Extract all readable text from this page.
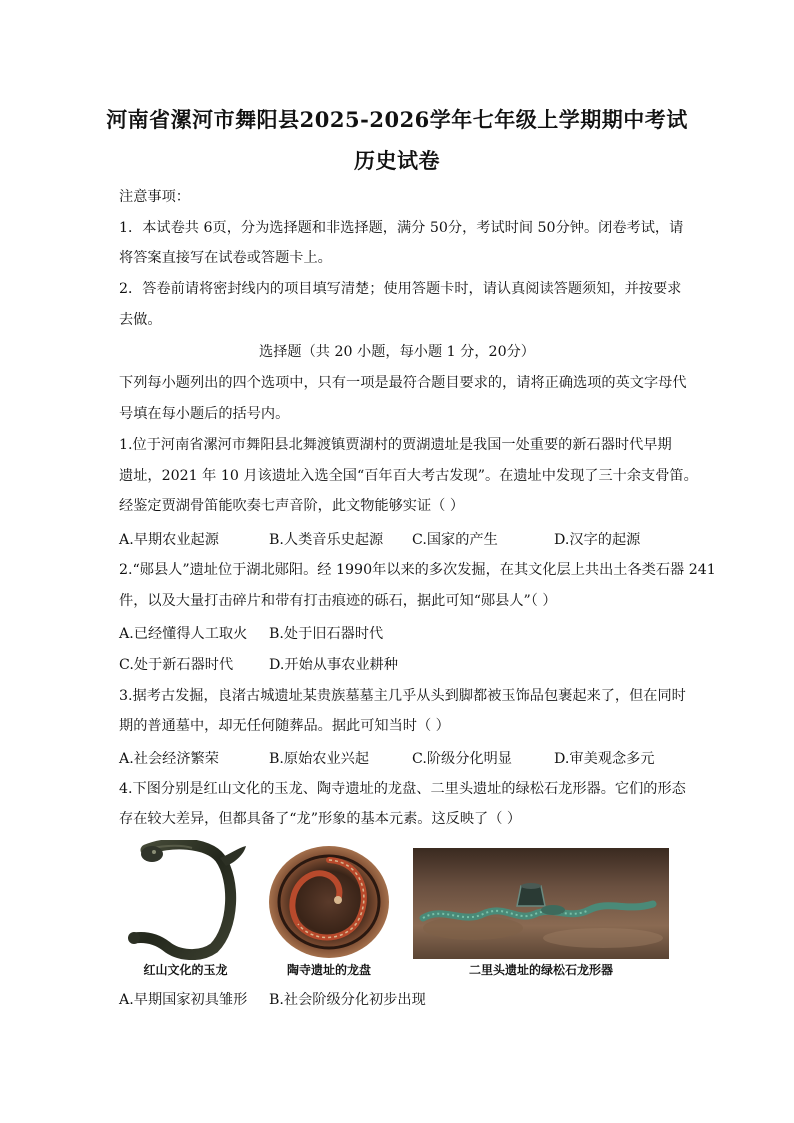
河南省漯河市舞阳县2025-2026学年七年级上学期期中考试
历史试卷
注意事项：
1．本试卷共 6页，分为选择题和非选择题，满分 50分，考试时间 50分钟。闭卷考试，请
将答案直接写在试卷或答题卡上。
2．答卷前请将密封线内的项目填写清楚；使用答题卡时，请认真阅读答题须知，并按要求
去做。
选择题（共 20 小题，每小题 1 分，20分）
下列每小题列出的四个选项中，只有一项是最符合题目要求的，请将正确选项的英文字母代
号填在每小题后的括号内。
1.位于河南省漯河市舞阳县北舞渡镇贾湖村的贾湖遗址是我国一处重要的新石器时代早期
遗址，2021 年 10 月该遗址入选全国“百年百大考古发现”。在遗址中发现了三十余支骨笛。
经鉴定贾湖骨笛能吹奏七声音阶，此文物能够实证（ ）
A.早期农业起源	B.人类音乐史起源 C.国家的产生	D.汉字的起源
2.“郧县人”遗址位于湖北郧阳。经 1990年以来的多次发掘，在其文化层上共出土各类石器 241
件，以及大量打击碎片和带有打击痕迹的砾石，据此可知“郧县人”（ ）
A.已经懂得人工取火 B.处于旧石器时代
C.处于新石器时代	D.开始从事农业耕种
3.据考古发掘，良渚古城遗址某贵族墓墓主几乎从头到脚都被玉饰品包裹起来了，但在同时
期的普通墓中，却无任何随葬品。据此可知当时（ ）
A.社会经济繁荣	B.原始农业兴起	C.阶级分化明显	D.审美观念多元
4.下图分别是红山文化的玉龙、陶寺遗址的龙盘、二里头遗址的绿松石龙形器。它们的形态
存在较大差异，但都具备了“龙”形象的基本元素。这反映了（ ）
红山文化的玉龙	陶寺遗址的龙盘	二里头遗址的绿松石龙形器
A.早期国家初具雏形 B.社会阶级分化初步出现
